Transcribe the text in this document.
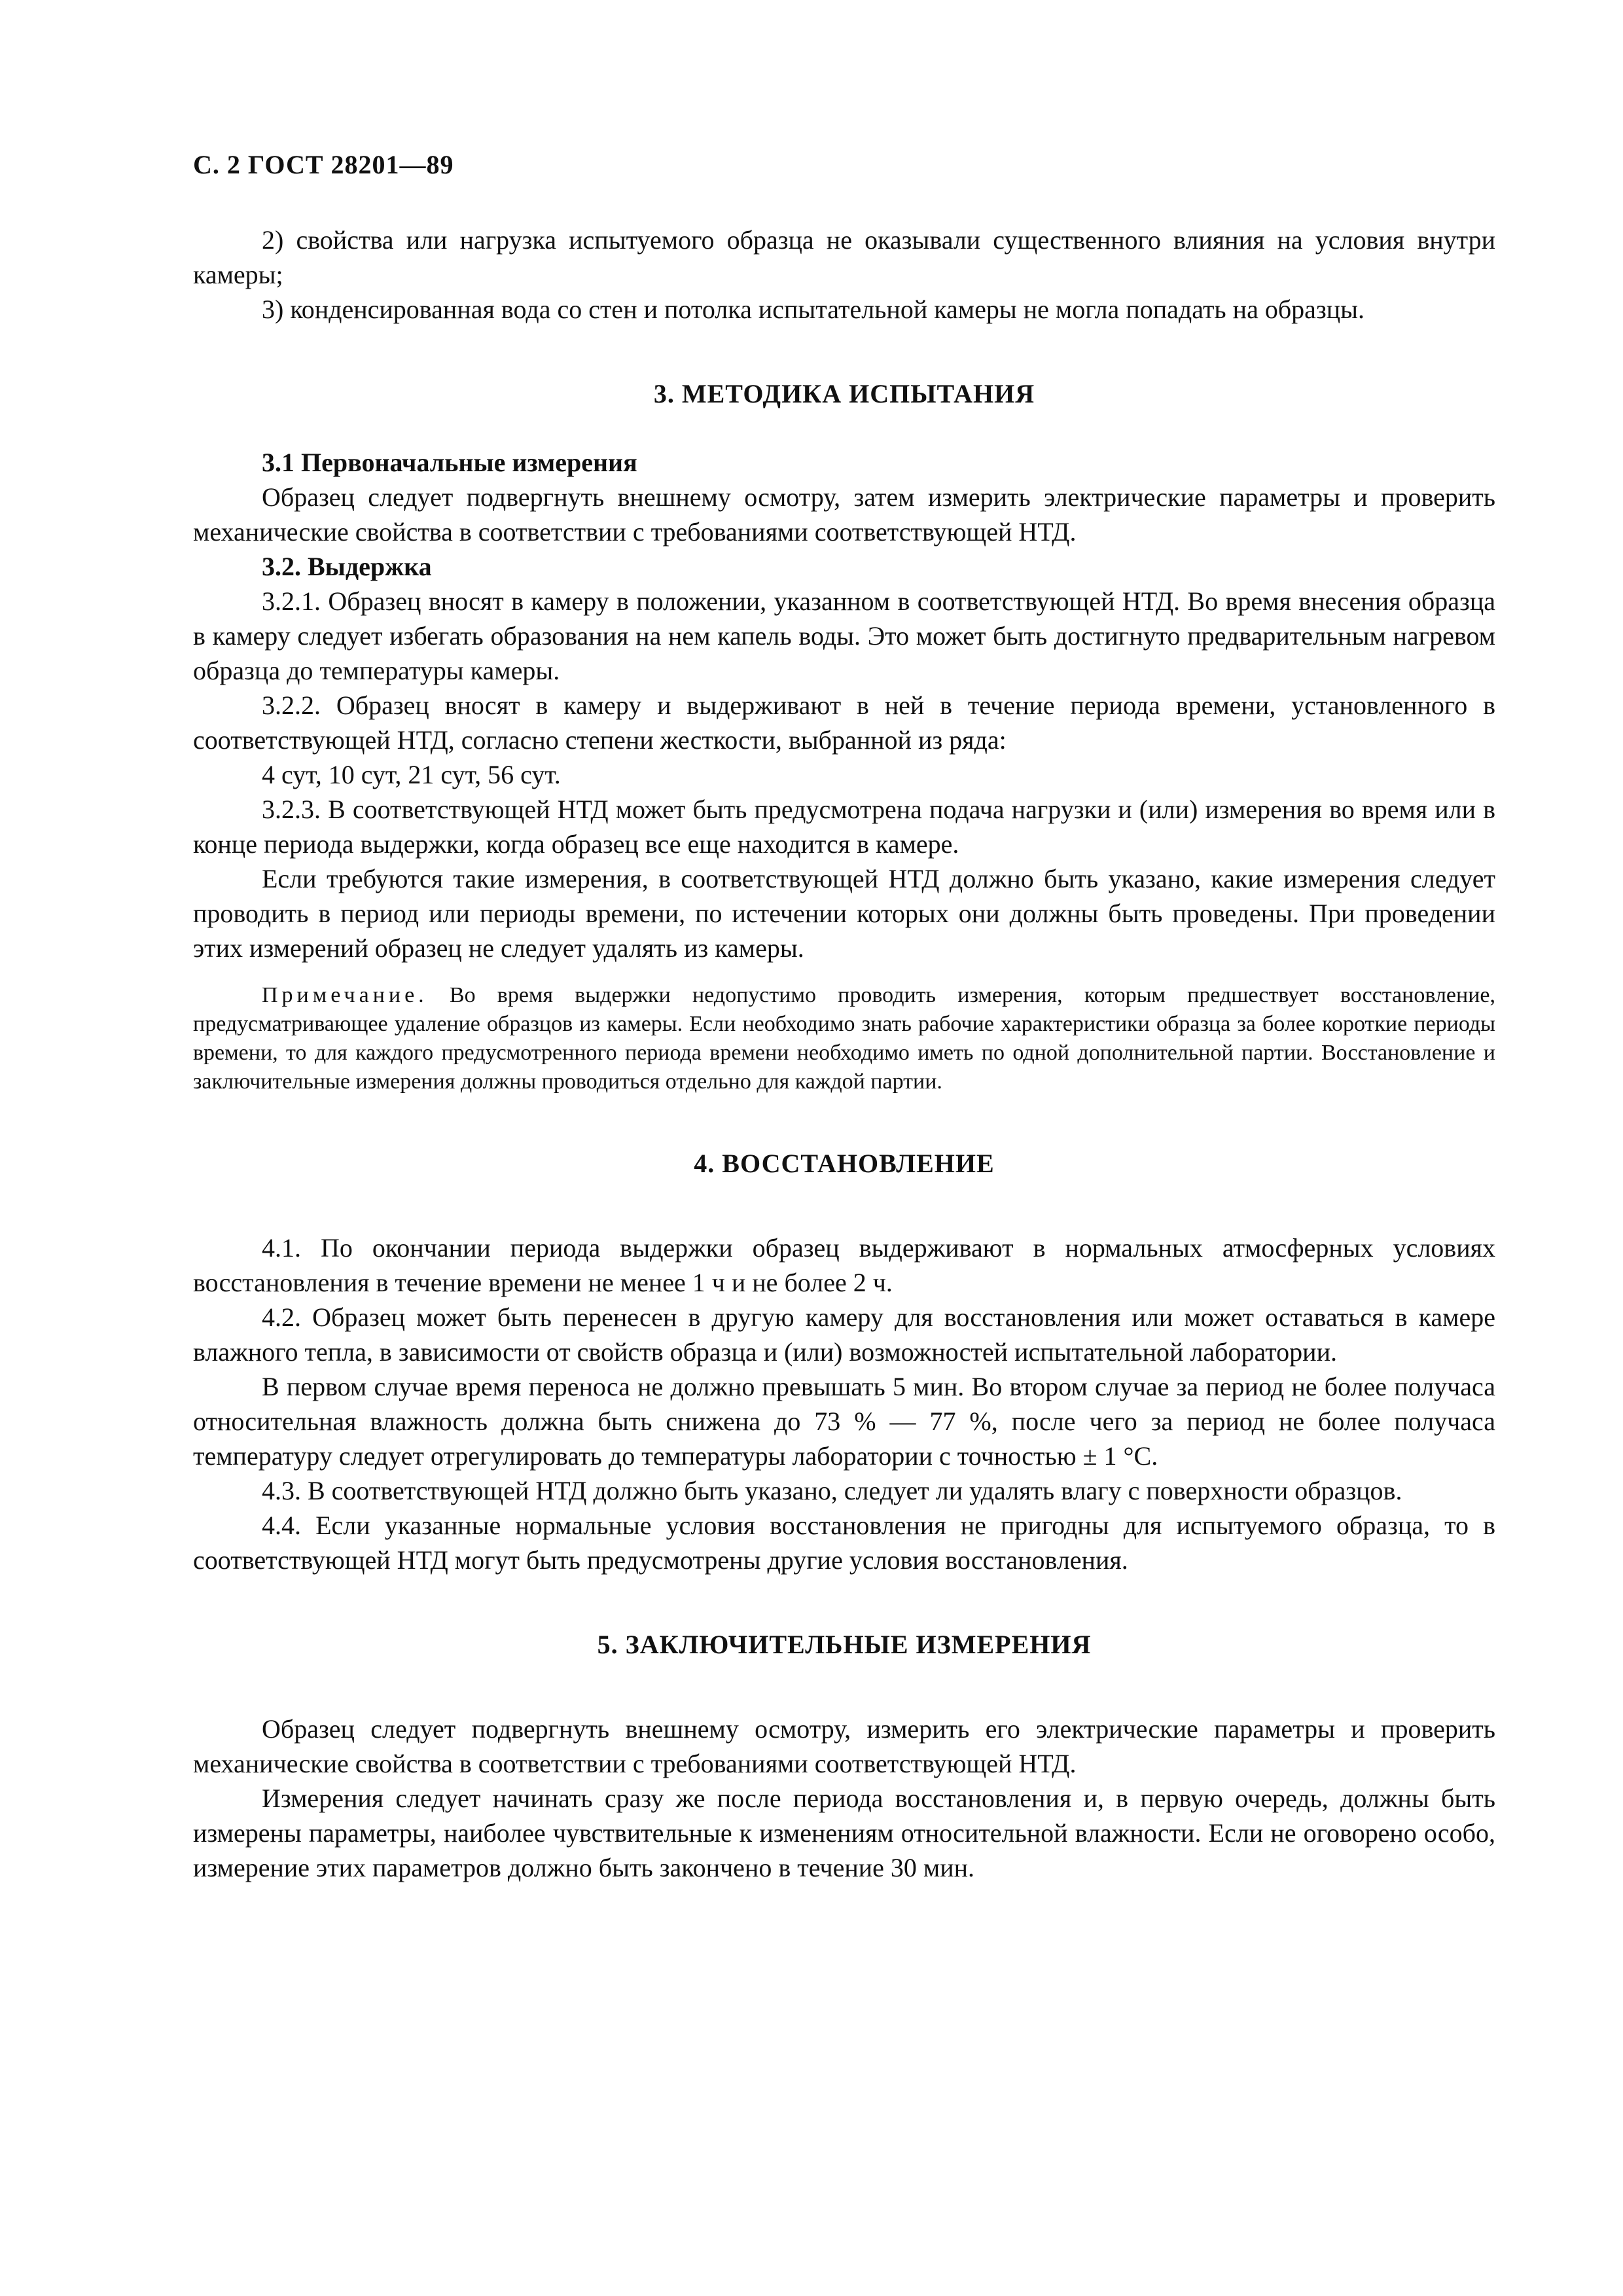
С. 2 ГОСТ 28201—89

2) свойства или нагрузка испытуемого образца не оказывали существенного влияния на условия внутри камеры;

3) конденсированная вода со стен и потолка испытательной камеры не могла попадать на образцы.

3. МЕТОДИКА ИСПЫТАНИЯ
3.1 Первоначальные измерения

Образец следует подвергнуть внешнему осмотру, затем измерить электрические параметры и проверить механические свойства в соответствии с требованиями соответствующей НТД.

3.2. Выдержка

3.2.1. Образец вносят в камеру в положении, указанном в соответствующей НТД. Во время внесения образца в камеру следует избегать образования на нем капель воды. Это может быть достигнуто предварительным нагревом образца до температуры камеры.

3.2.2. Образец вносят в камеру и выдерживают в ней в течение периода времени, установленного в соответствующей НТД, согласно степени жесткости, выбранной из ряда:

4 сут, 10 сут, 21 сут, 56 сут.

3.2.3. В соответствующей НТД может быть предусмотрена подача нагрузки и (или) измерения во время или в конце периода выдержки, когда образец все еще находится в камере.

Если требуются такие измерения, в соответствующей НТД должно быть указано, какие измерения следует проводить в период или периоды времени, по истечении которых они должны быть проведены. При проведении этих измерений образец не следует удалять из камеры.

Примечание. Во время выдержки недопустимо проводить измерения, которым предшествует восстановление, предусматривающее удаление образцов из камеры. Если необходимо знать рабочие характеристики образца за более короткие периоды времени, то для каждого предусмотренного периода времени необходимо иметь по одной дополнительной партии. Восстановление и заключительные измерения должны проводиться отдельно для каждой партии.
4. ВОССТАНОВЛЕНИЕ

4.1. По окончании периода выдержки образец выдерживают в нормальных атмосферных условиях восстановления в течение времени не менее 1 ч и не более 2 ч.

4.2. Образец может быть перенесен в другую камеру для восстановления или может оставаться в камере влажного тепла, в зависимости от свойств образца и (или) возможностей испытательной лаборатории.

В первом случае время переноса не должно превышать 5 мин. Во втором случае за период не более получаса относительная влажность должна быть снижена до 73 % — 77 %, после чего за период не более получаса температуру следует отрегулировать до температуры лаборатории с точностью ± 1 °С.

4.3. В соответствующей НТД должно быть указано, следует ли удалять влагу с поверхности образцов.

4.4. Если указанные нормальные условия восстановления не пригодны для испытуемого образца, то в соответствующей НТД могут быть предусмотрены другие условия восстановления.

5. ЗАКЛЮЧИТЕЛЬНЫЕ ИЗМЕРЕНИЯ

Образец следует подвергнуть внешнему осмотру, измерить его электрические параметры и проверить механические свойства в соответствии с требованиями соответствующей НТД.

Измерения следует начинать сразу же после периода восстановления и, в первую очередь, должны быть измерены параметры, наиболее чувствительные к изменениям относительной влажности. Если не оговорено особо, измерение этих параметров должно быть закончено в течение 30 мин.
